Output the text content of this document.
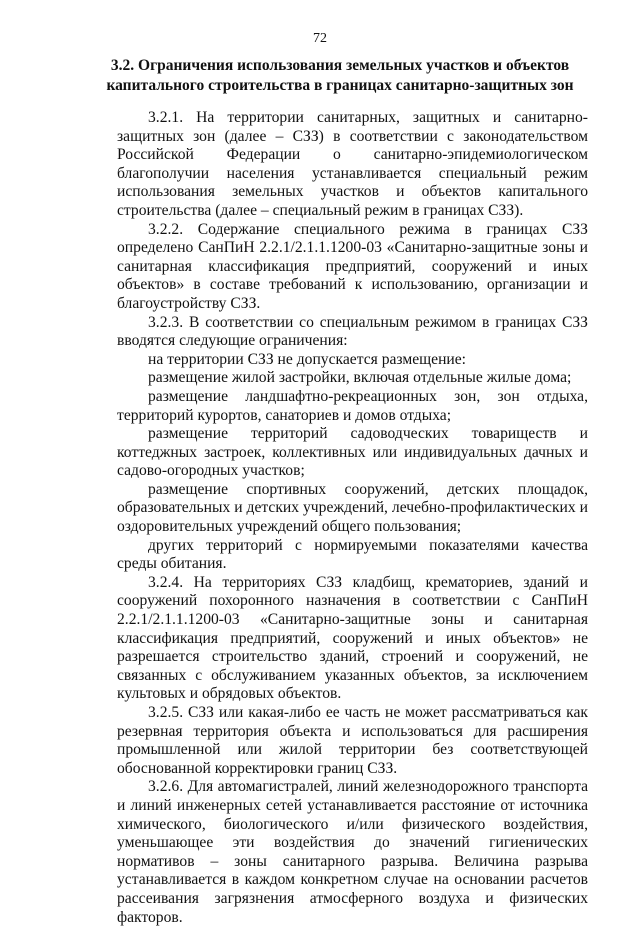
72
3.2. Ограничения использования земельных участков и объектов капитального строительства в границах санитарно-защитных зон

3.2.1. На территории санитарных, защитных и санитарно-защитных зон (далее – СЗЗ) в соответствии с законодательством Российской Федерации о санитарно-эпидемиологическом благополучии населения устанавливается специальный режим использования земельных участков и объектов капитального строительства (далее – специальный режим в границах СЗЗ).

3.2.2. Содержание специального режима в границах СЗЗ определено СанПиН 2.2.1/2.1.1.1200-03 «Санитарно-защитные зоны и санитарная классификация предприятий, сооружений и иных объектов» в составе требований к использованию, организации и благоустройству СЗЗ.

3.2.3. В соответствии со специальным режимом в границах СЗЗ вводятся следующие ограничения:

на территории СЗЗ не допускается размещение:

размещение жилой застройки, включая отдельные жилые дома;

размещение ландшафтно-рекреационных зон, зон отдыха, территорий курортов, санаториев и домов отдыха;

размещение территорий садоводческих товариществ и коттеджных застроек, коллективных или индивидуальных дачных и садово-огородных участков;

размещение спортивных сооружений, детских площадок, образовательных и детских учреждений, лечебно-профилактических и оздоровительных учреждений общего пользования;

других территорий с нормируемыми показателями качества среды обитания.

3.2.4. На территориях СЗЗ кладбищ, крематориев, зданий и сооружений похоронного назначения в соответствии с СанПиН 2.2.1/2.1.1.1200-03 «Санитарно-защитные зоны и санитарная классификация предприятий, сооружений и иных объектов» не разрешается строительство зданий, строений и сооружений, не связанных с обслуживанием указанных объектов, за исключением культовых и обрядовых объектов.

3.2.5. СЗЗ или какая-либо ее часть не может рассматриваться как резервная территория объекта и использоваться для расширения промышленной или жилой территории без соответствующей обоснованной корректировки границ СЗЗ.

3.2.6. Для автомагистралей, линий железнодорожного транспорта и линий инженерных сетей устанавливается расстояние от источника химического, биологического и/или физического воздействия, уменьшающее эти воздействия до значений гигиенических нормативов – зоны санитарного разрыва. Величина разрыва устанавливается в каждом конкретном случае на основании расчетов рассеивания загрязнения атмосферного воздуха и физических факторов.
